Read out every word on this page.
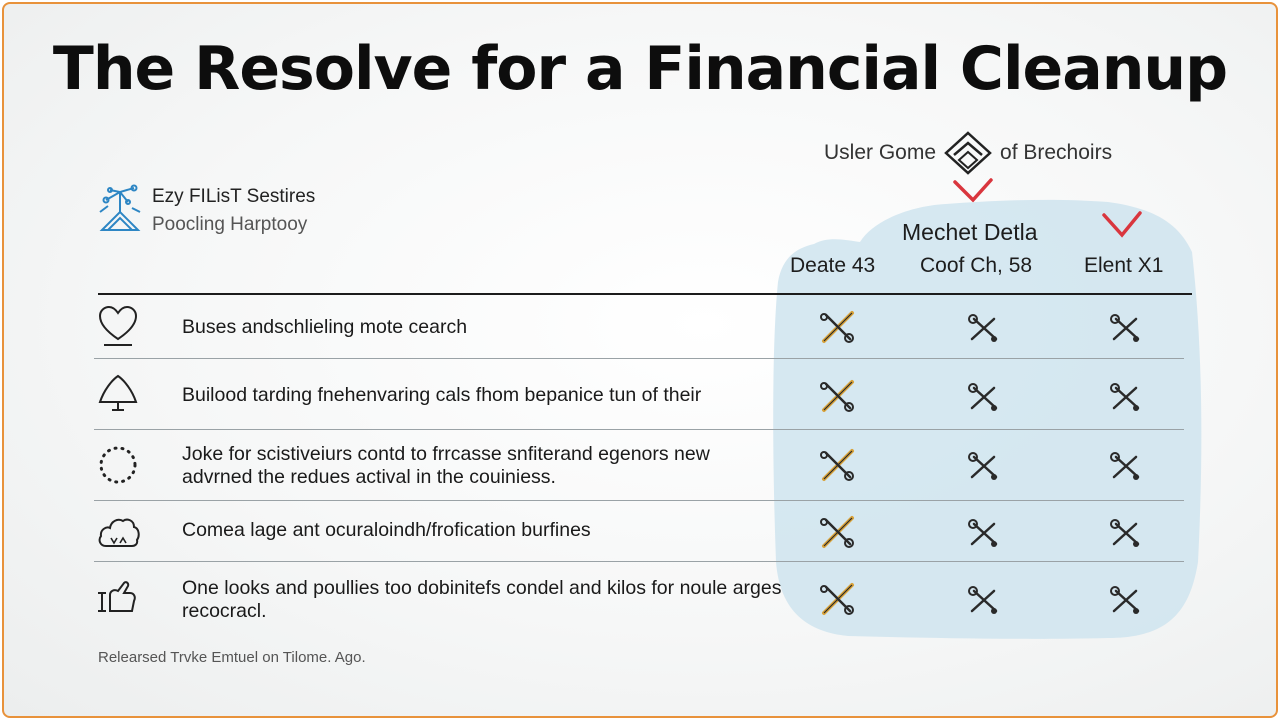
The Resolve for a Financial Cleanup
Usler Gome	of Brechoirs
Ezy FILisT Sestires
Poocling Harptooy	Mechet Detla
Deate 43 Coof Ch, 58 Elent X1
Buses andschlieling mote cearch
Builood tarding fnehenvaring cals fhom bepanice tun of their
Joke for scistiveiurs contd to frrcasse snfiterand egenors new advrned the redues actival in the couiniess.
Comea lage ant ocuraloindh/frofication burfines
One looks and poullies too dobinitefs condel and kilos for noule arges recocracl.
Relearsed Trvke Emtuel on Tilome. Ago.
